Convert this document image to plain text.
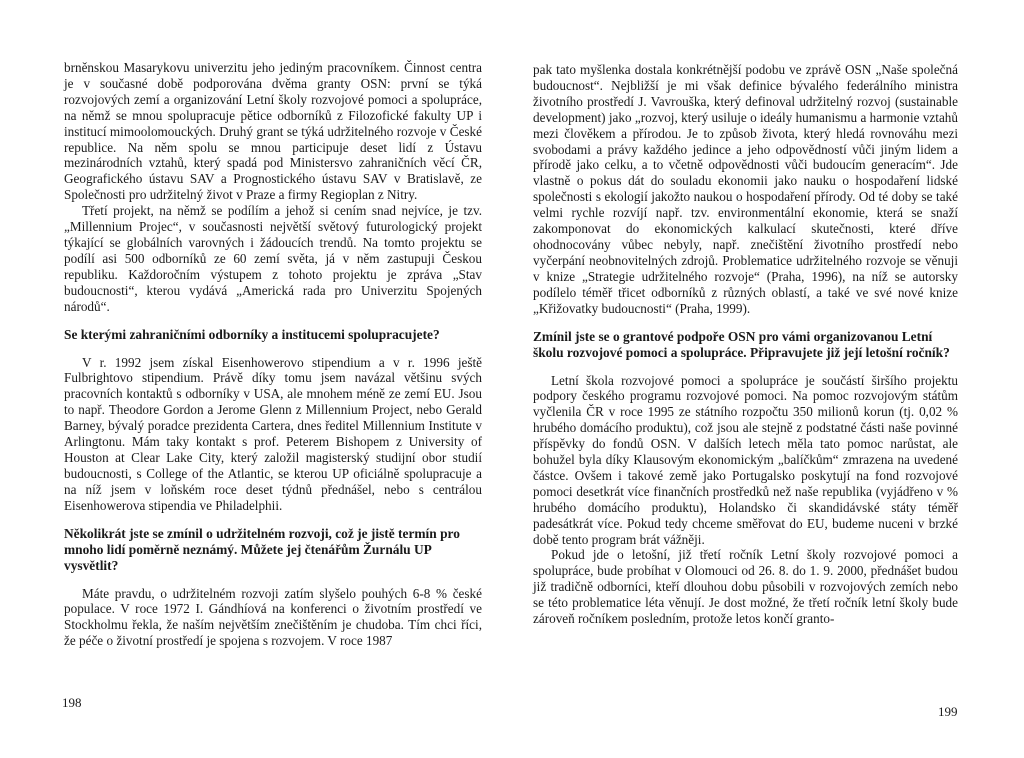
brněnskou Masarykovu univerzitu jeho jediným pracovníkem. Činnost centra je v současné době podporována dvěma granty OSN: první se týká rozvojových zemí a organizování Letní školy rozvojové pomoci a spolupráce, na němž se mnou spolupracuje pětice odborníků z Filozofické fakulty UP i institucí mimoolomouckých. Druhý grant se týká udržitelného rozvoje v České republice. Na něm spolu se mnou participuje deset lidí z Ústavu mezinárodních vztahů, který spadá pod Ministersvo zahraničních věcí ČR, Geografického ústavu SAV a Prognostického ústavu SAV v Bratislavě, ze Společnosti pro udržitelný život v Praze a firmy Regioplan z Nitry.

Třetí projekt, na němž se podílím a jehož si cením snad nejvíce, je tzv. „Millennium Projec“, v současnosti největší světový futurologický projekt týkající se globálních varovných i žádoucích trendů. Na tomto projektu se podílí asi 500 odborníků ze 60 zemí světa, já v něm zastupuji Českou republiku. Každoročním výstupem z tohoto projektu je zpráva „Stav budoucnosti“, kterou vydává „Americká rada pro Univerzitu Spojených národů“.

Se kterými zahraničními odborníky a institucemi spolupracujete?

V r. 1992 jsem získal Eisenhowerovo stipendium a v r. 1996 ještě Fulbrightovo stipendium. Právě díky tomu jsem navázal většinu svých pracovních kontaktů s odborníky v USA, ale mnohem méně ze zemí EU. Jsou to např. Theodore Gordon a Jerome Glenn z Millennium Project, nebo Gerald Barney, bývalý poradce prezidenta Cartera, dnes ředitel Millennium Institute v Arlingtonu. Mám taky kontakt s prof. Peterem Bishopem z University of Houston at Clear Lake City, který založil magisterský studijní obor studií budoucnosti, s College of the Atlantic, se kterou UP oficiálně spolupracuje a na níž jsem v loňském roce deset týdnů přednášel, nebo s centrálou Eisenhowerova stipendia ve Philadelphii.

Několikrát jste se zmínil o udržitelném rozvoji, což je jistě termín pro mnoho lidí poměrně neznámý. Můžete jej čtenářům Žurnálu UP vysvětlit?

Máte pravdu, o udržitelném rozvoji zatím slyšelo pouhých 6-8 % české populace. V roce 1972 I. Gándhíová na konferenci o životním prostředí ve Stockholmu řekla, že naším největším znečištěním je chudoba. Tím chci říci, že péče o životní prostředí je spojena s rozvojem. V roce 1987

198

pak tato myšlenka dostala konkrétnější podobu ve zprávě OSN „Naše společná budoucnost“. Nejbližší je mi však definice bývalého federálního ministra životního prostředí J. Vavrouška, který definoval udržitelný rozvoj (sustainable development) jako „rozvoj, který usiluje o ideály humanismu a harmonie vztahů mezi člověkem a přírodou. Je to způsob života, který hledá rovnováhu mezi svobodami a právy každého jedince a jeho odpovědností vůči jiným lidem a přírodě jako celku, a to včetně odpovědnosti vůči budoucím generacím“. Jde vlastně o pokus dát do souladu ekonomii jako nauku o hospodaření lidské společnosti s ekologií jakožto naukou o hospodaření přírody. Od té doby se také velmi rychle rozvíjí např. tzv. environmentální ekonomie, která se snaží zakomponovat do ekonomických kalkulací skutečnosti, které dříve ohodnocovány vůbec nebyly, např. znečištění životního prostředí nebo vyčerpání neobnovitelných zdrojů. Problematice udržitelného rozvoje se věnuji v knize „Strategie udržitelného rozvoje“ (Praha, 1996), na níž se autorsky podílelo téměř třicet odborníků z různých oblastí, a také ve své nové knize „Křižovatky budoucnosti“ (Praha, 1999).

Zmínil jste se o grantové podpoře OSN pro vámi organizovanou Letní školu rozvojové pomoci a spolupráce. Připravujete již její letošní ročník?

Letní škola rozvojové pomoci a spolupráce je součástí širšího projektu podpory českého programu rozvojové pomoci. Na pomoc rozvojovým státům vyčlenila ČR v roce 1995 ze státního rozpočtu 350 milionů korun (tj. 0,02 % hrubého domácího produktu), což jsou ale stejně z podstatné části naše povinné příspěvky do fondů OSN. V dalších letech měla tato pomoc narůstat, ale bohužel byla díky Klausovým ekonomickým „balíčkům“ zmrazena na uvedené částce. Ovšem i takové země jako Portugalsko poskytují na fond rozvojové pomoci desetkrát více finančních prostředků než naše republika (vyjádřeno v % hrubého domácího produktu), Holandsko či skandidávské státy téměř padesátkrát více. Pokud tedy chceme směřovat do EU, budeme nuceni v brzké době tento program brát vážněji.

Pokud jde o letošní, již třetí ročník Letní školy rozvojové pomoci a spolupráce, bude probíhat v Olomouci od 26. 8. do 1. 9. 2000, přednášet budou již tradičně odborníci, kteří dlouhou dobu působili v rozvojových zemích nebo se této problematice léta věnují. Je dost možné, že třetí ročník letní školy bude zároveň ročníkem posledním, protože letos končí granto-

199
